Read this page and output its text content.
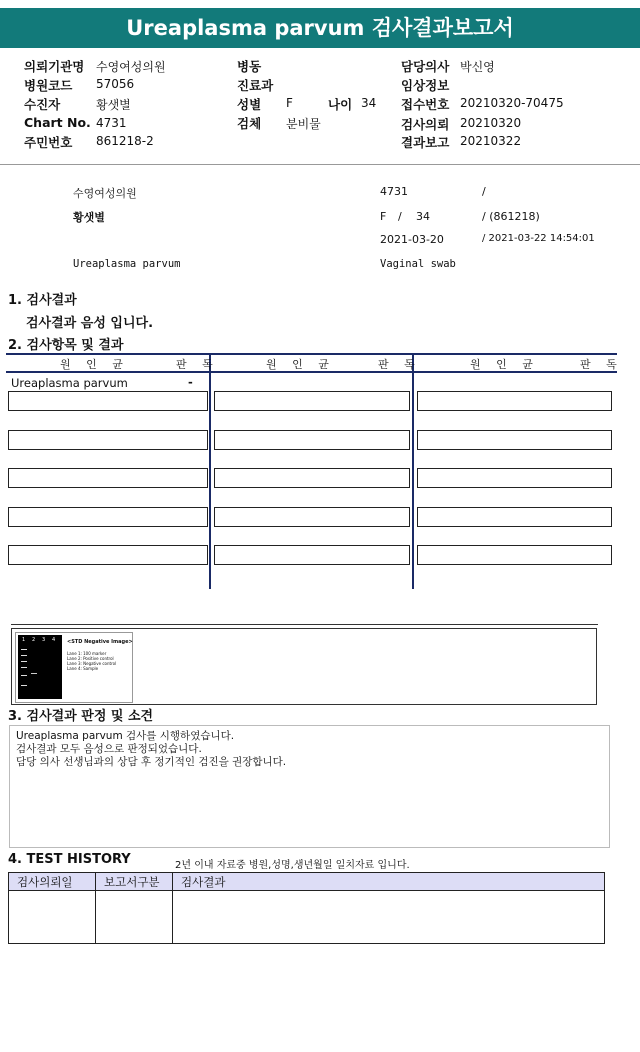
Ureaplasma parvum 검사결과보고서
의뢰기관명 수영여성의원
병원코드 57056
수진자	황샛별
Chart No. 4731
주민번호 861218-2
병동
진료과
성별 F	나이 34
검체 분비물
담당의사 박신영
임상정보
접수번호 20210320-70475
검사의뢰 20210320
결과보고 20210322
수영여성의원	4731	/
황샛별	F / 34	/ (861218)
2021-03-20	/ 2021-03-22 14:54:01
Ureaplasma parvum	Vaginal swab
1. 검사결과
검사결과 음성 입니다.
2. 검사항목 및 결과
원 인 균	판 독	원 인 균	판 독	원 인 균	판 독
Ureaplasma parvum	-
1 2 3 4 <STD Negative Image>
Lane 1: 100 marker
Lane 2: Positive control
Lane 3: Negative control
Lane 4: Sample
3. 검사결과 판정 및 소견
Ureaplasma parvum 검사를 시행하였습니다.
검사결과 모두 음성으로 판정되었습니다.
담당 의사 선생님과의 상담 후 정기적인 검진을 권장합니다.
4. TEST HISTORY	2년 이내 자료중 병원,성명,생년월일 일치자료 입니다.
검사의뢰일	보고서구분	검사결과
